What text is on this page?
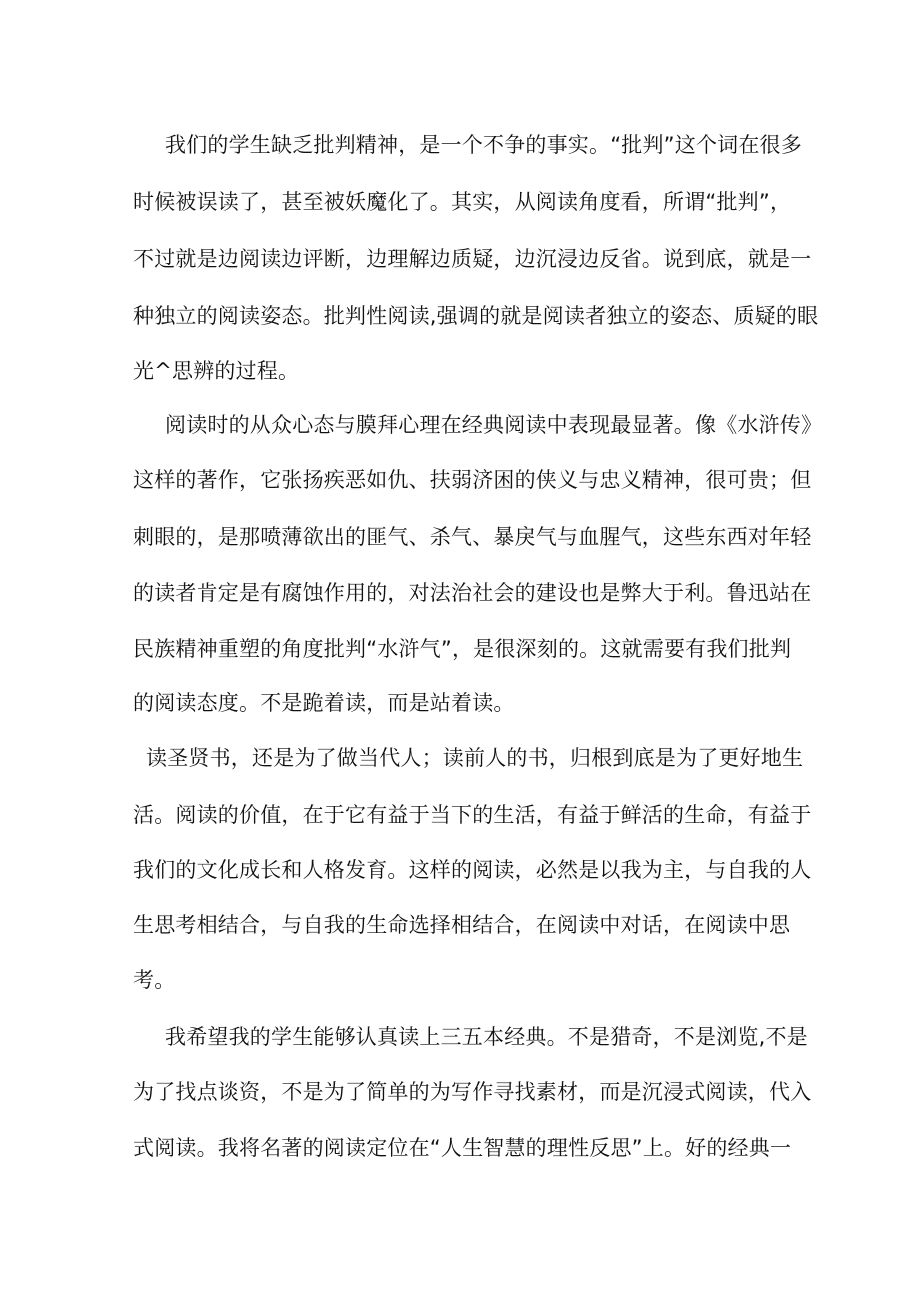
我们的学生缺乏批判精神，是一个不争的事实。“批判”这个词在很多
时候被误读了，甚至被妖魔化了。其实，从阅读角度看，所谓“批判”，
不过就是边阅读边评断，边理解边质疑，边沉浸边反省。说到底，就是一
种独立的阅读姿态。批判性阅读,强调的就是阅读者独立的姿态、质疑的眼
光^思辨的过程。
阅读时的从众心态与膜拜心理在经典阅读中表现最显著。像《水浒传》
这样的著作，它张扬疾恶如仇、扶弱济困的侠义与忠义精神，很可贵；但
刺眼的，是那喷薄欲出的匪气、杀气、暴戾气与血腥气，这些东西对年轻
的读者肯定是有腐蚀作用的，对法治社会的建设也是弊大于利。鲁迅站在
民族精神重塑的角度批判“水浒气”，是很深刻的。这就需要有我们批判
的阅读态度。不是跪着读，而是站着读。
读圣贤书，还是为了做当代人；读前人的书，归根到底是为了更好地生
活。阅读的价值，在于它有益于当下的生活，有益于鲜活的生命，有益于
我们的文化成长和人格发育。这样的阅读，必然是以我为主，与自我的人
生思考相结合，与自我的生命选择相结合，在阅读中对话，在阅读中思
考。
我希望我的学生能够认真读上三五本经典。不是猎奇，不是浏览,不是
为了找点谈资，不是为了简单的为写作寻找素材，而是沉浸式阅读，代入
式阅读。我将名著的阅读定位在“人生智慧的理性反思”上。好的经典一
